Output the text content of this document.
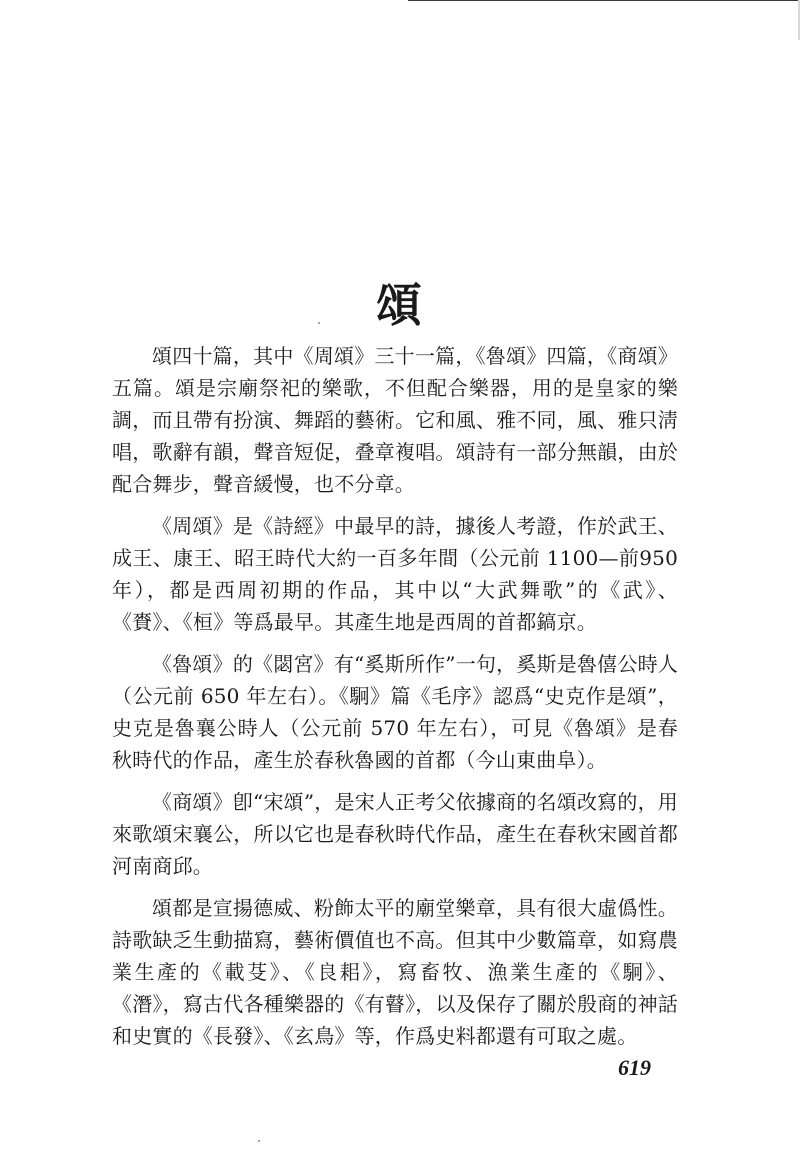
頌

頌四十篇，其中《周頌》三十一篇，《魯頌》四篇，《商頌》五篇。頌是宗廟祭祀的樂歌，不但配合樂器，用的是皇家的樂調，而且帶有扮演、舞蹈的藝術。它和風、雅不同，風、雅只淸唱，歌辭有韻，聲音短促，叠章複唱。頌詩有一部分無韻，由於配合舞步，聲音緩慢，也不分章。

《周頌》是《詩經》中最早的詩，據後人考證，作於武王、成王、康王、昭王時代大約一百多年間（公元前 1100—前950 年），都是西周初期的作品，其中以“大武舞歌”的《武》、《賚》、《桓》等爲最早。其產生地是西周的首都鎬京。

《魯頌》的《閟宮》有“奚斯所作”一句，奚斯是魯僖公時人（公元前 650 年左右）。《駉》篇《毛序》認爲“史克作是頌”，史克是魯襄公時人（公元前 570 年左右），可見《魯頌》是春秋時代的作品，產生於春秋魯國的首都（今山東曲阜）。

《商頌》卽“宋頌”，是宋人正考父依據商的名頌改寫的，用來歌頌宋襄公，所以它也是春秋時代作品，產生在春秋宋國首都河南商邱。

頌都是宣揚德威、粉飾太平的廟堂樂章，具有很大虛僞性。詩歌缺乏生動描寫，藝術價值也不高。但其中少數篇章，如寫農業生產的《載芟》、《良耜》，寫畜牧、漁業生產的《駉》、《潛》，寫古代各種樂器的《有瞽》，以及保存了關於殷商的神話和史實的《長發》、《玄鳥》等，作爲史料都還有可取之處。

619
